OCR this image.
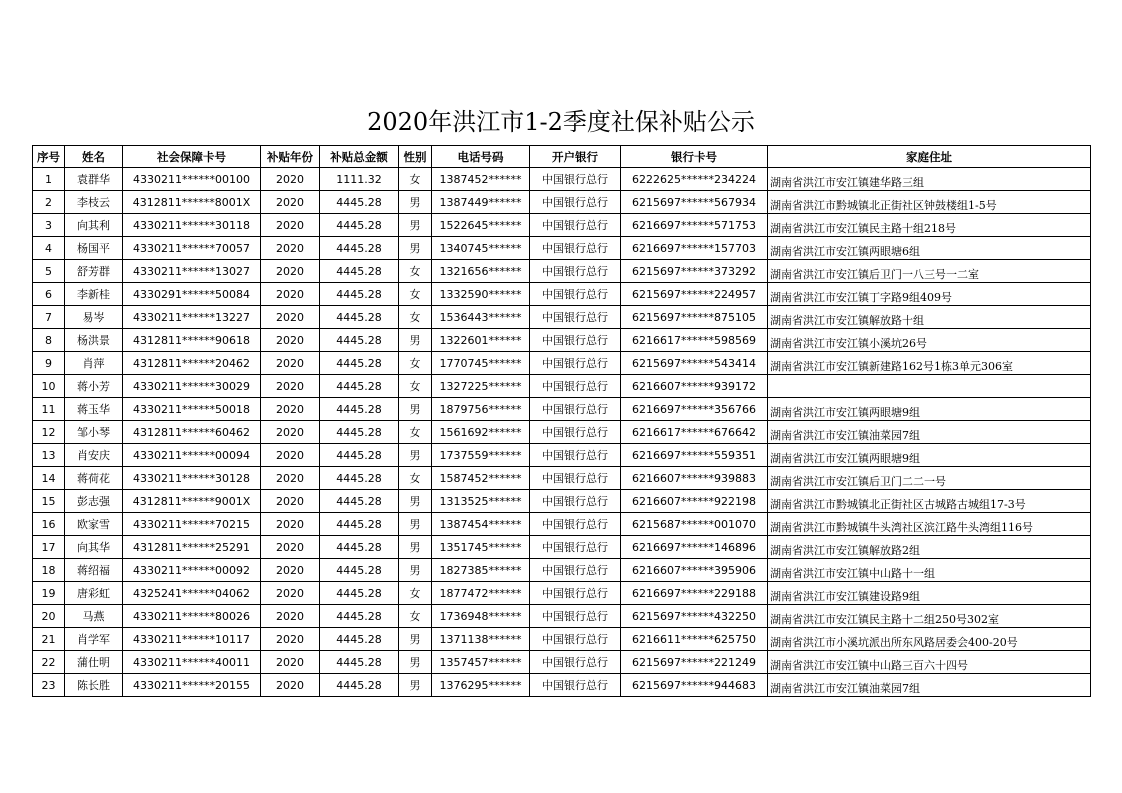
2020年洪江市1-2季度社保补贴公示
序号	姓名	社会保障卡号	补贴年份	补贴总金额	性别	电话号码	开户银行	银行卡号	家庭住址
1	袁群华	4330211******00100	2020	1111.32	女	1387452******	中国银行总行	6222625******234224	湖南省洪江市安江镇建华路三组
2	李枝云	4312811******8001X	2020	4445.28	男	1387449******	中国银行总行	6215697******567934	湖南省洪江市黔城镇北正街社区钟鼓楼组1-5号
3	向其利	4330211******30118	2020	4445.28	男	1522645******	中国银行总行	6216697******571753	湖南省洪江市安江镇民主路十组218号
4	杨国平	4330211******70057	2020	4445.28	男	1340745******	中国银行总行	6216697******157703	湖南省洪江市安江镇两眼塘6组
5	舒芳群	4330211******13027	2020	4445.28	女	1321656******	中国银行总行	6215697******373292	湖南省洪江市安江镇后卫门一八三号一二室
6	李新桂	4330291******50084	2020	4445.28	女	1332590******	中国银行总行	6215697******224957	湖南省洪江市安江镇丁字路9组409号
7	易岑	4330211******13227	2020	4445.28	女	1536443******	中国银行总行	6215697******875105	湖南省洪江市安江镇解放路十组
8	杨洪景	4312811******90618	2020	4445.28	男	1322601******	中国银行总行	6216617******598569	湖南省洪江市安江镇小溪坑26号
9	肖萍	4312811******20462	2020	4445.28	女	1770745******	中国银行总行	6215697******543414	湖南省洪江市安江镇新建路162号1栋3单元306室
10	蒋小芳	4330211******30029	2020	4445.28	女	1327225******	中国银行总行	6216607******939172	
11	蒋玉华	4330211******50018	2020	4445.28	男	1879756******	中国银行总行	6216697******356766	湖南省洪江市安江镇两眼塘9组
12	邹小琴	4312811******60462	2020	4445.28	女	1561692******	中国银行总行	6216617******676642	湖南省洪江市安江镇油菜园7组
13	肖安庆	4330211******00094	2020	4445.28	男	1737559******	中国银行总行	6216697******559351	湖南省洪江市安江镇两眼塘9组
14	蒋荷花	4330211******30128	2020	4445.28	女	1587452******	中国银行总行	6216607******939883	湖南省洪江市安江镇后卫门二二一号
15	彭志强	4312811******9001X	2020	4445.28	男	1313525******	中国银行总行	6216607******922198	湖南省洪江市黔城镇北正街社区古城路古城组17-3号
16	欧家雪	4330211******70215	2020	4445.28	男	1387454******	中国银行总行	6215687******001070	湖南省洪江市黔城镇牛头湾社区滨江路牛头湾组116号
17	向其华	4312811******25291	2020	4445.28	男	1351745******	中国银行总行	6216697******146896	湖南省洪江市安江镇解放路2组
18	蒋绍福	4330211******00092	2020	4445.28	男	1827385******	中国银行总行	6216607******395906	湖南省洪江市安江镇中山路十一组
19	唐彩虹	4325241******04062	2020	4445.28	女	1877472******	中国银行总行	6216697******229188	湖南省洪江市安江镇建设路9组
20	马燕	4330211******80026	2020	4445.28	女	1736948******	中国银行总行	6215697******432250	湖南省洪江市安江镇民主路十二组250号302室
21	肖学军	4330211******10117	2020	4445.28	男	1371138******	中国银行总行	6216611******625750	湖南省洪江市小溪坑派出所东风路居委会400-20号
22	蒲仕明	4330211******40011	2020	4445.28	男	1357457******	中国银行总行	6215697******221249	湖南省洪江市安江镇中山路三百六十四号
23	陈长胜	4330211******20155	2020	4445.28	男	1376295******	中国银行总行	6215697******944683	湖南省洪江市安江镇油菜园7组
